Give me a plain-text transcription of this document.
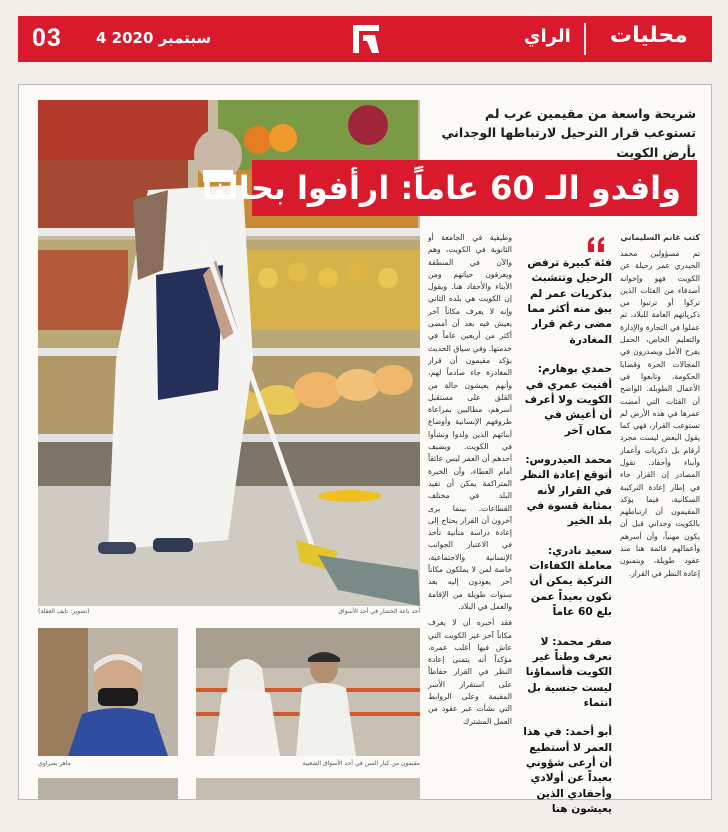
03 4 سبتمبر 2020	الراي محليات
أحد باعة الخضار في أحد الأسواق
(تصوير: نايف العقلة)
شريحة واسعة من مقيمين عرب لم تستوعب قرار الترحيل لارتباطها الوجداني بأرض الكويت
وافدو الـ 60 عاماً: ارأفوا بحالنا
كتب غانم السليماني
تم مسؤولين محمد الحيدري عمر رحيلة عن الكويت فهو وإخوانه أصدقاء من الفئات الذين تركوا أو ترتبوا من ذكرياتهم العامة للبلاد، ثم عملوا في التجارة والإدارة والتعليم الخاص، الحمل يفرح الأمل ويصدرون في المجالات الحرة وقضايا الحكومة، وتابعوا في الأعمال الطويلة. الواضح أن الفئات التي أمضت عمرها في هذه الأرض لم تستوعب القرار، فهي كما يقول البعض ليست مجرد أرقام بل ذكريات وأعمار وأبناء وأحفاد. تقول المصادر إن القرار جاء في إطار إعادة التركيبة السكانية، فيما يؤكد المقيمون أن ارتباطهم بالكويت وجداني قبل أن يكون مهنياً، وأن أسرهم وأعمالهم قائمة هنا منذ عقود طويلة، ويتمنون إعادة النظر في القرار.

فئة كبيرة ترفض الرحيل وتتشبث بذكريات عمر لم يبق منه أكثر مما مضى رغم قرار المغادرة

حمدي بوهارم: أفنيت عمري في الكويت ولا أعرف أن أعيش في مكان آخر

محمد العيدروس: أتوقع إعادة النظر في القرار لأنه بمثابة قسوة في بلد الخير

سعيد نادري: معاملة الكفاءات التركية يمكن أن تكون بعيداً عمن بلغ 60 عاماً

صفر محمد: لا نعرف وطناً غير الكويت فأسماؤنا ليست جنسية بل انتماء

أبو أحمد: في هذا العمر لا أستطيع أن أرعى شؤوني بعيداً عن أولادي وأحفادي الذين يعيشون هنا

وظيفية في الجامعة أو الثانوية في الكويت، وهم والآن في المنطقة ويعرفون حياتهم ومن الأبناء والأحفاد هنا. ويقول إن الكويت هي بلده الثاني وإنه لا يعرف مكاناً آخر يعيش فيه بعد أن أمضى أكثر من أربعين عاماً في خدمتها. وفي سياق الحديث يؤكد مقيمون أن قرار المغادرة جاء صادماً لهم، وأنهم يعيشون حالة من القلق على مستقبل أسرهم، مطالبين بمراعاة ظروفهم الإنسانية وأوضاع أبنائهم الذين ولدوا ونشأوا في الكويت. ويضيف أحدهم أن العمر ليس عائقاً أمام العطاء، وأن الخبرة المتراكمة يمكن أن تفيد البلد في مختلف القطاعات. بينما يرى آخرون أن القرار يحتاج إلى إعادة دراسة متأنية تأخذ في الاعتبار الجوانب الإنسانية والاجتماعية، خاصة لمن لا يملكون مكاناً آخر يعودون إليه بعد سنوات طويلة من الإقامة والعمل في البلاد.
فقد أخبره أن لا يعرف مكاناً آخر غير الكويت التي عاش فيها أغلب عمره، مؤكداً أنه يتمنى إعادة النظر في القرار حفاظاً على استقرار الأسر المقيمة وعلى الروابط التي نشأت عبر عقود من العمل المشترك
ماهر بصراوي	مقيمون من كبار السن في أحد الأسواق الشعبية
